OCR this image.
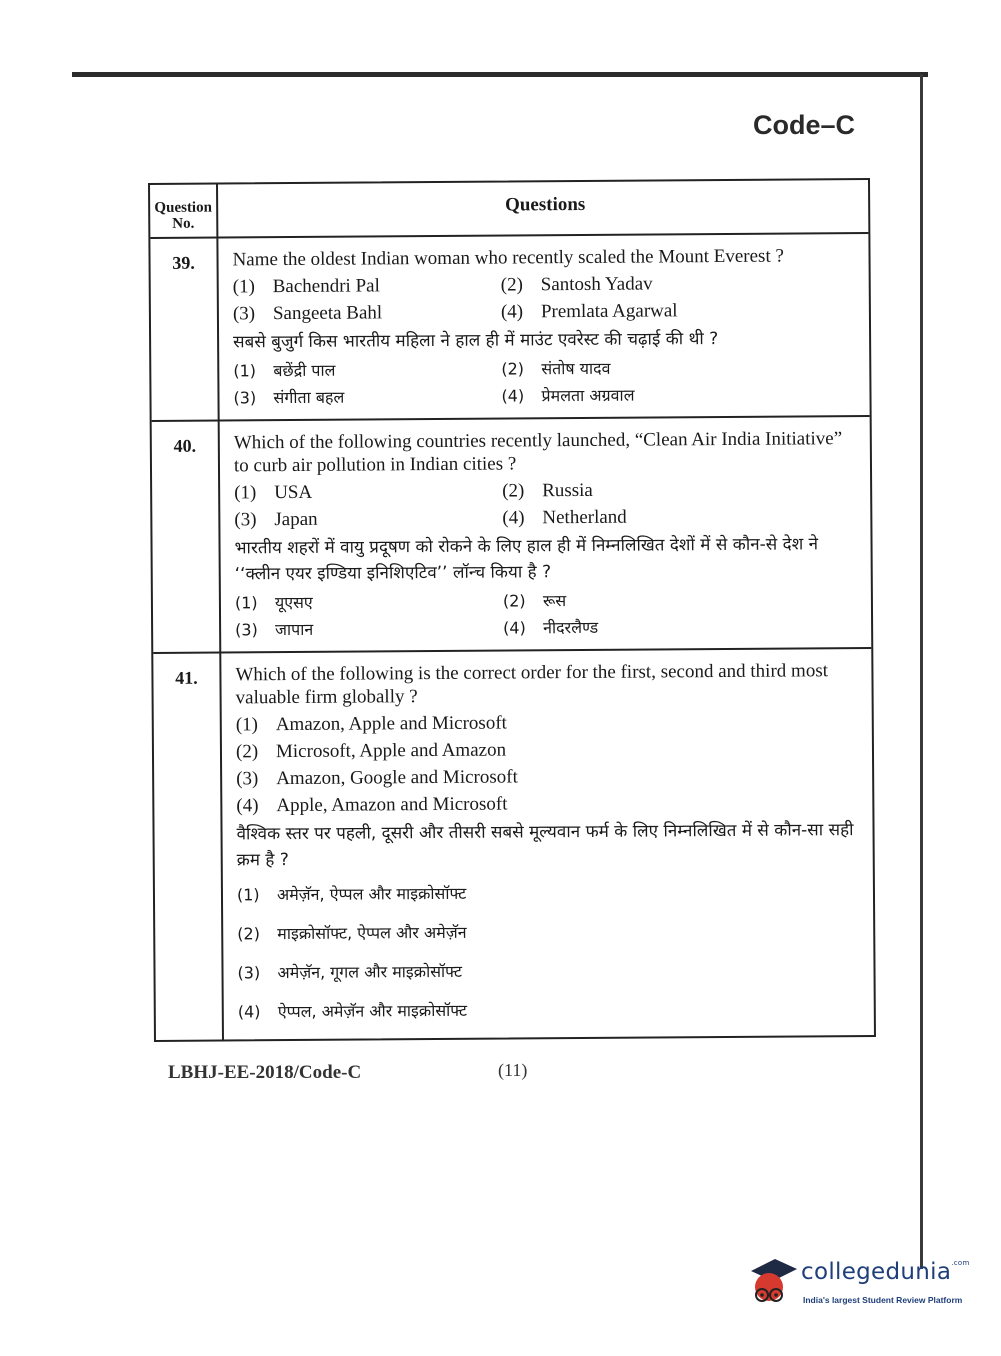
Code–C
Question No.
Questions
39.	Name the oldest Indian woman who recently scaled the Mount Everest ?
(1) Bachendri Pal	(2) Santosh Yadav
(3) Sangeeta Bahl	(4) Premlata Agarwal
सबसे बुजुर्ग किस भारतीय महिला ने हाल ही में माउंट एवरेस्ट की चढ़ाई की थी ?
(1)	बछेंद्री पाल	(2)	संतोष यादव
(3)	संगीता बहल	(4)	प्रेमलता अग्रवाल
40.	Which of the following countries recently launched, “Clean Air India Initiative” to curb air pollution in Indian cities ?
(1) USA	(2) Russia
(3) Japan	(4) Netherland
भारतीय शहरों में वायु प्रदूषण को रोकने के लिए हाल ही में निम्नलिखित देशों में से कौन-से देश ने ‘‘क्लीन एयर इण्डिया इनिशिएटिव’’ लॉन्च किया है ?
(1)	यूएसए	(2)	रूस
(3)	जापान	(4)	नीदरलैण्ड
41.	Which of the following is the correct order for the first, second and third most valuable firm globally ?
(1) Amazon, Apple and Microsoft
(2) Microsoft, Apple and Amazon
(3) Amazon, Google and Microsoft
(4) Apple, Amazon and Microsoft
वैश्विक स्तर पर पहली, दूसरी और तीसरी सबसे मूल्यवान फर्म के लिए निम्नलिखित में से कौन-सा सही क्रम है ?
(1)	अमेज़ॅन, ऐप्पल और माइक्रोसॉफ्ट
(2)	माइक्रोसॉफ्ट, ऐप्पल और अमेज़ॅन
(3)	अमेज़ॅन, गूगल और माइक्रोसॉफ्ट
(4)	ऐप्पल, अमेज़ॅन और माइक्रोसॉफ्ट
LBHJ-EE-2018/Code-C	(11)
collegedunia$^{.com}$
India's largest Student Review Platform
